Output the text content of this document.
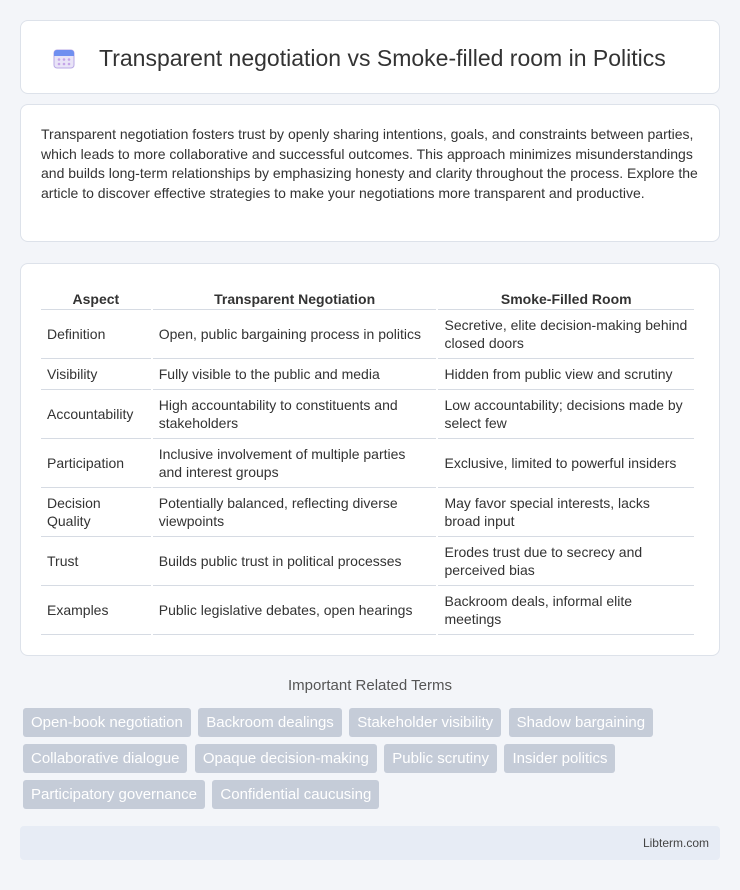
Transparent negotiation vs Smoke-filled room in Politics

Transparent negotiation fosters trust by openly sharing intentions, goals, and constraints between parties, which leads to more collaborative and successful outcomes. This approach minimizes misunderstandings and builds long-term relationships by emphasizing honesty and clarity throughout the process. Explore the article to discover effective strategies to make your negotiations more transparent and productive.

Aspect	Transparent Negotiation	Smoke-Filled Room
Definition	Open, public bargaining process in politics	Secretive, elite decision-making behind closed doors
Visibility	Fully visible to the public and media	Hidden from public view and scrutiny
Accountability	High accountability to constituents and stakeholders	Low accountability; decisions made by select few
Participation	Inclusive involvement of multiple parties and interest groups	Exclusive, limited to powerful insiders
Decision Quality	Potentially balanced, reflecting diverse viewpoints	May favor special interests, lacks broad input
Trust	Builds public trust in political processes	Erodes trust due to secrecy and perceived bias
Examples	Public legislative debates, open hearings	Backroom deals, informal elite meetings
Important Related Terms
Open-book negotiation Backroom dealings Stakeholder visibility Shadow bargaining Collaborative dialogue Opaque decision-making Public scrutiny Insider politics Participatory governance Confidential caucusing
Libterm.com
